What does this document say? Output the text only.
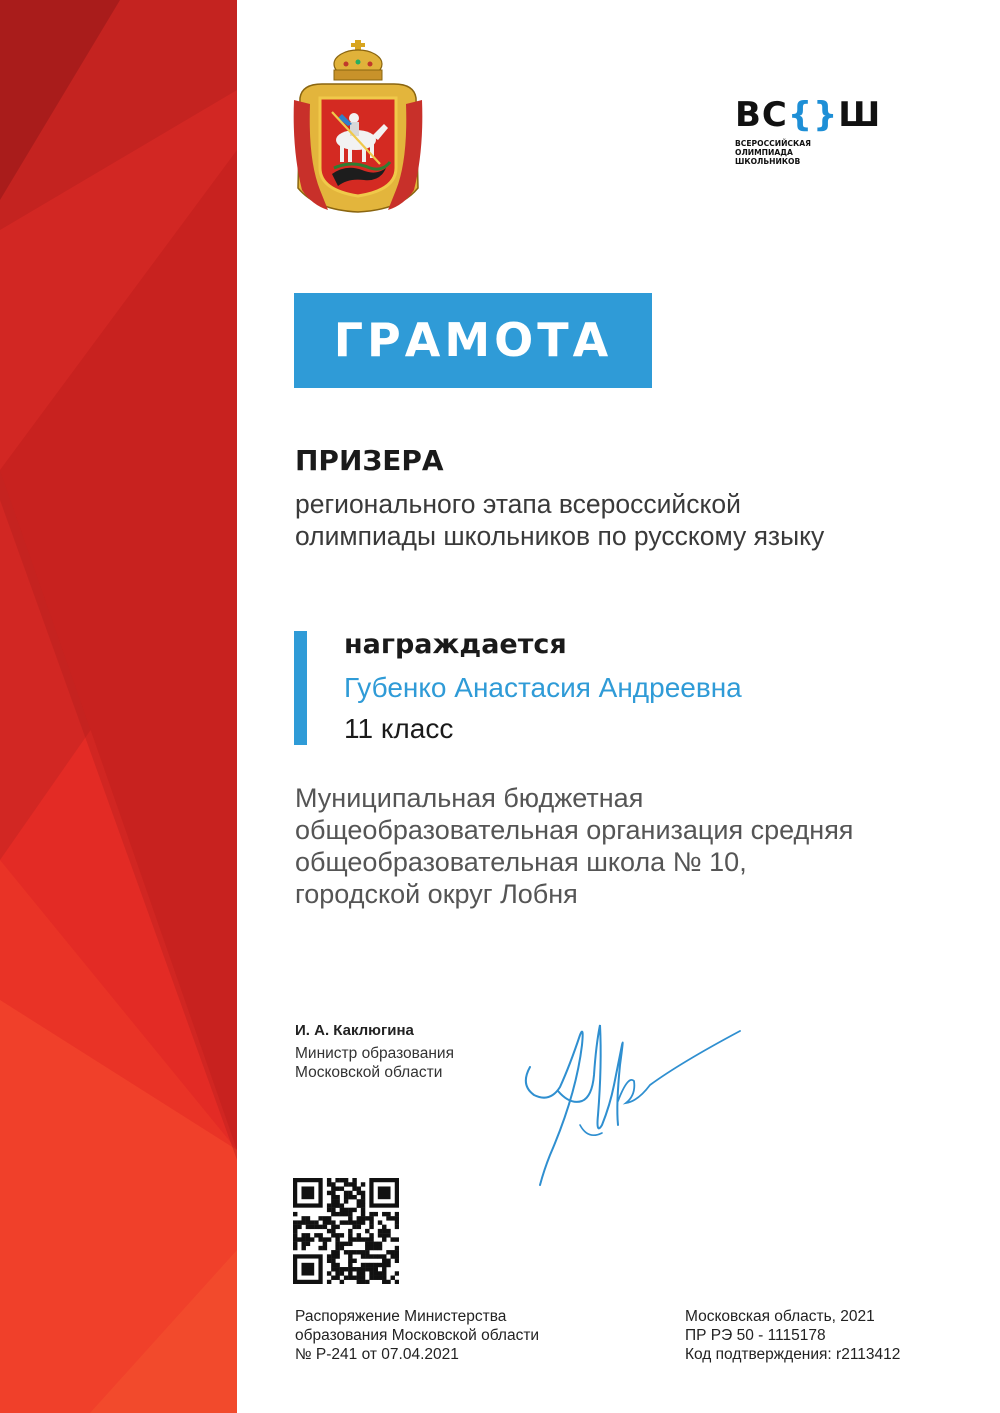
ВС{}Ш
ВСЕРОССИЙСКАЯ
ОЛИМПИАДА
ШКОЛЬНИКОВ
ГРАМОТА
ПРИЗЕРА
регионального этапа всероссийской
олимпиады школьников по русскому языку
награждается
Губенко Анастасия Андреевна
11 класс
Муниципальная бюджетная
общеобразовательная организация средняя
общеобразовательная школа № 10,
городской округ Лобня
И. А. Каклюгина
Министр образования
Московской области
Распоряжение Министерства
образования Московской области
№ Р-241 от 07.04.2021
Московская область, 2021
ПР РЭ 50 - 1115178
Код подтверждения: r2113412
